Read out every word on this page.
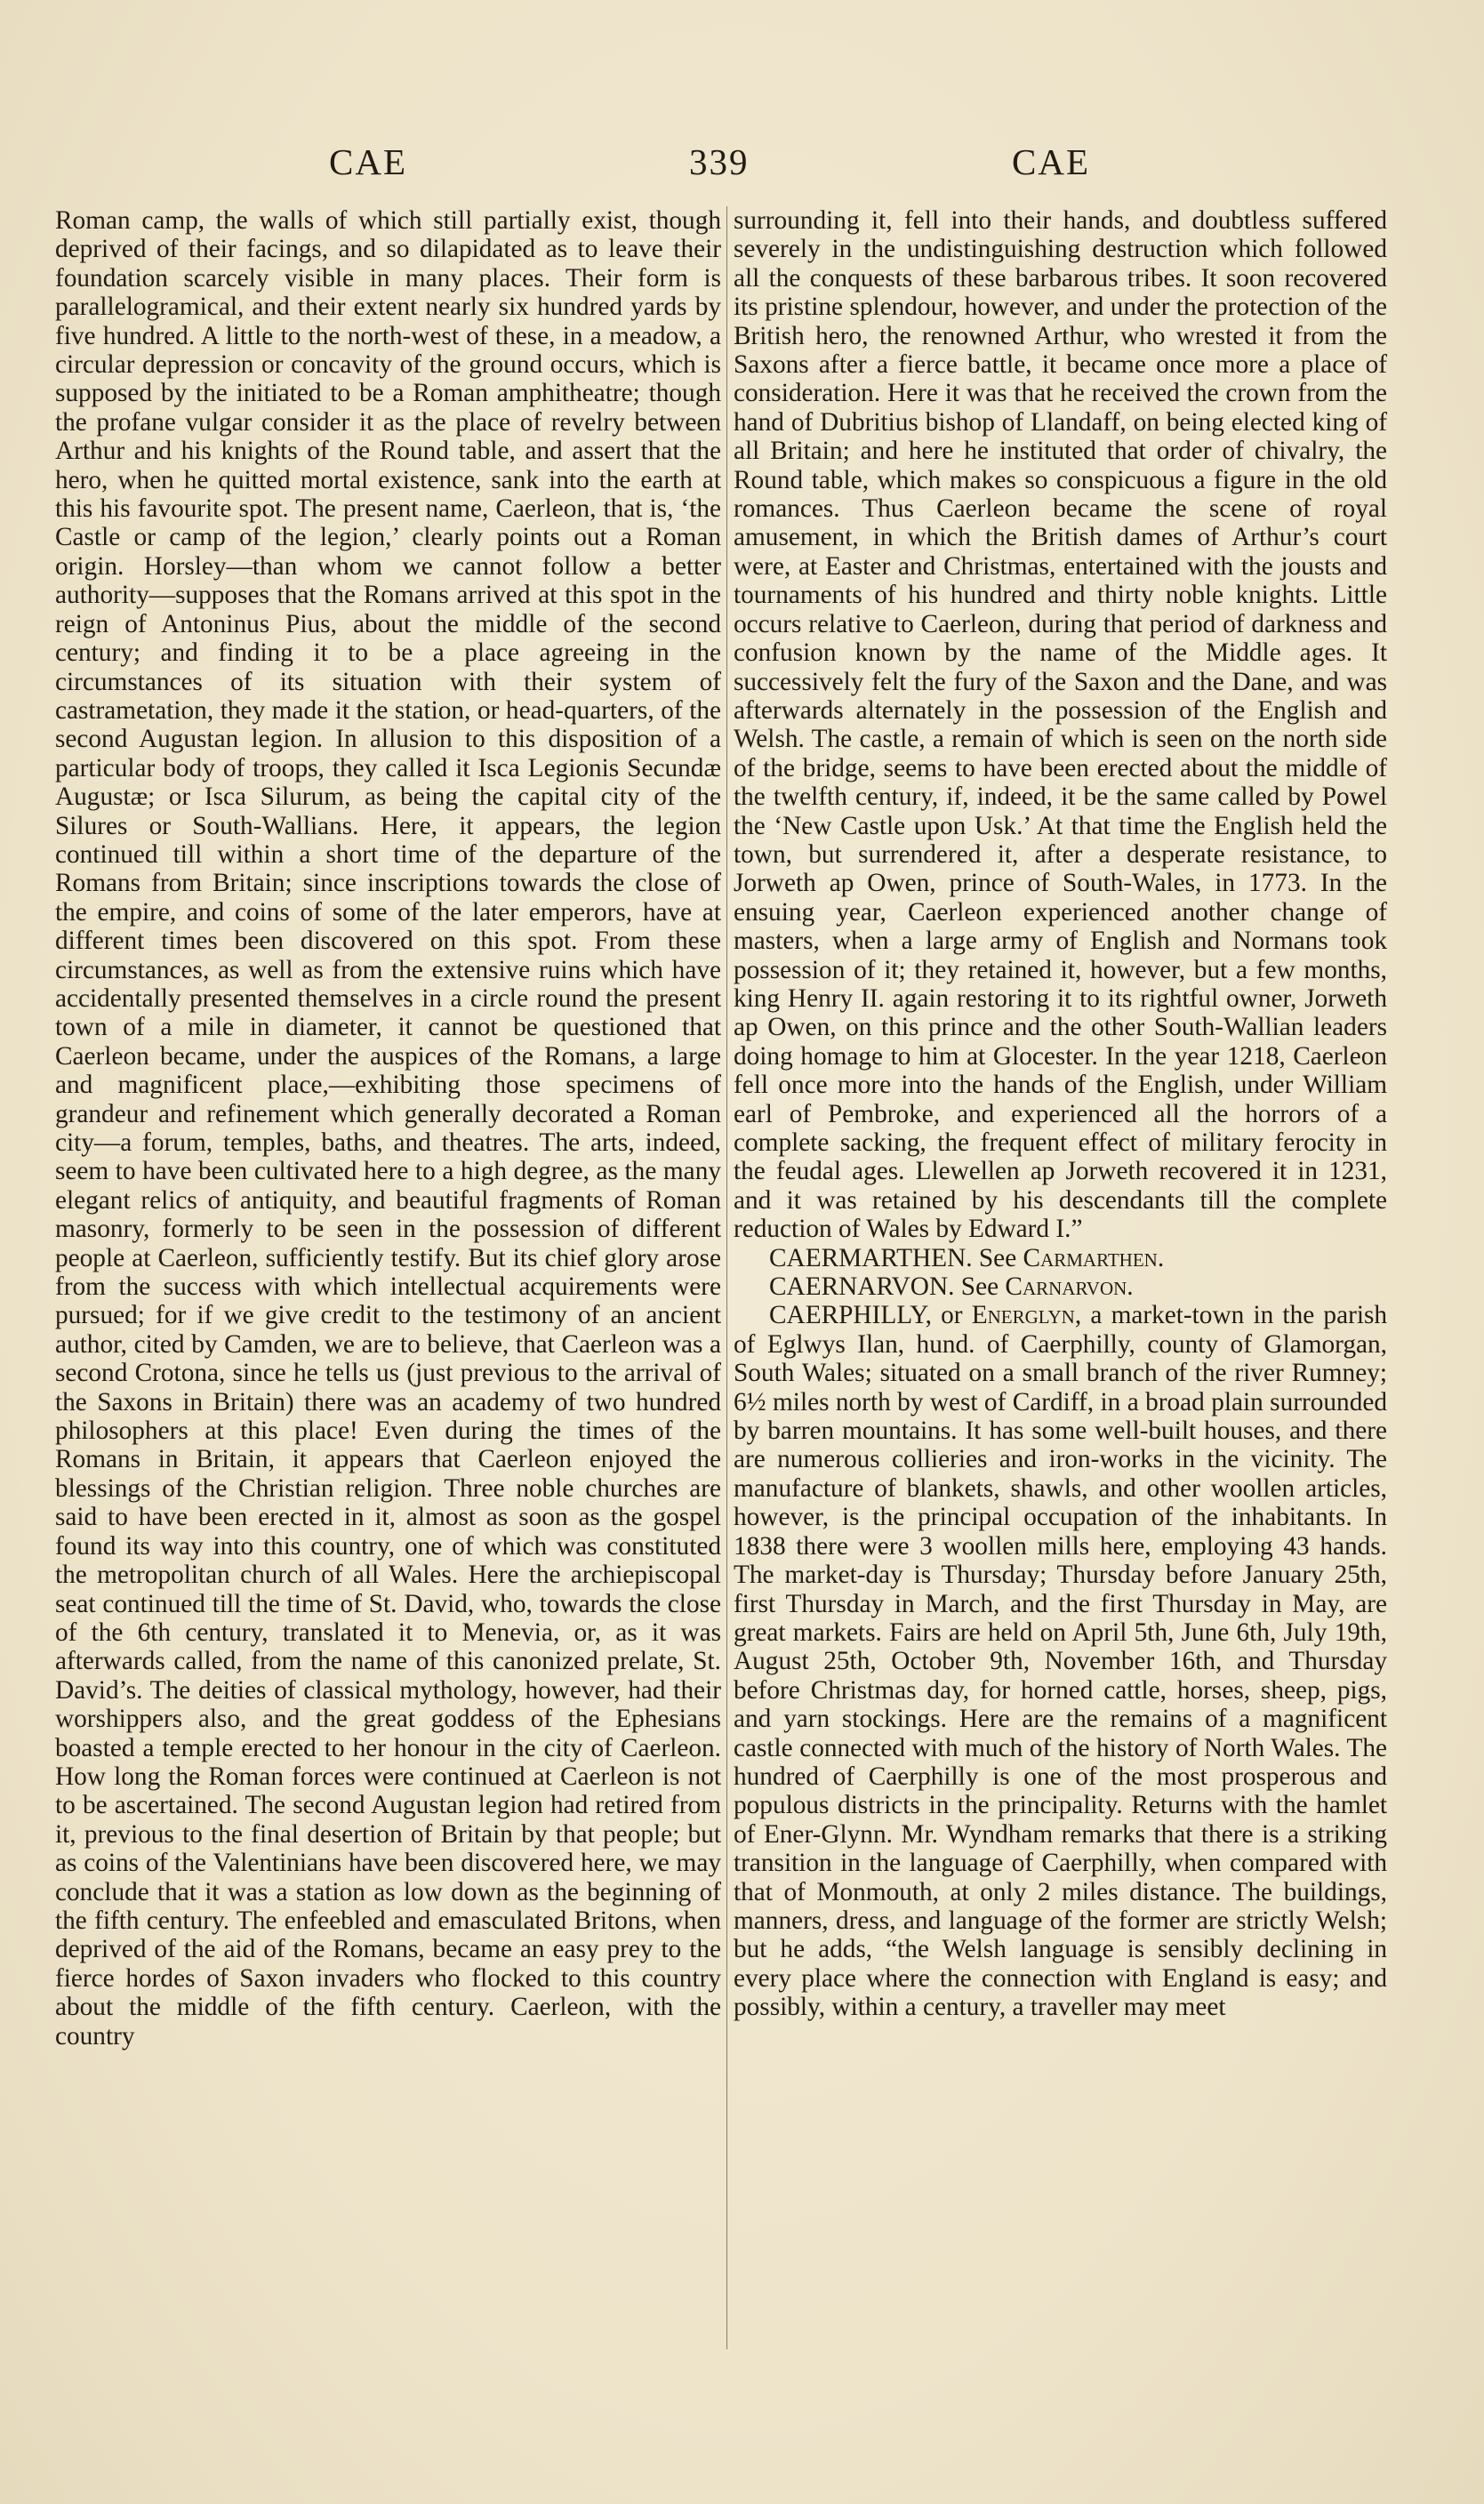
CAE	339	CAE

Roman camp, the walls of which still partially exist, though deprived of their facings, and so dilapidated as to leave their foundation scarcely visible in many places. Their form is parallelogramical, and their extent nearly six hundred yards by five hundred. A little to the north-west of these, in a meadow, a circular depression or concavity of the ground occurs, which is supposed by the initiated to be a Roman amphitheatre; though the profane vulgar consider it as the place of revelry between Arthur and his knights of the Round table, and assert that the hero, when he quitted mortal existence, sank into the earth at this his favourite spot. The present name, Caerleon, that is, ‘the Castle or camp of the legion,’ clearly points out a Roman origin. Horsley—than whom we cannot follow a better authority—supposes that the Romans arrived at this spot in the reign of Antoninus Pius, about the middle of the second century; and finding it to be a place agreeing in the circumstances of its situation with their system of castrametation, they made it the station, or head-quarters, of the second Augustan legion. In allusion to this disposition of a particular body of troops, they called it Isca Legionis Secundæ Augustæ; or Isca Silurum, as being the capital city of the Silures or South-Wallians. Here, it appears, the legion continued till within a short time of the departure of the Romans from Britain; since inscriptions towards the close of the empire, and coins of some of the later emperors, have at different times been discovered on this spot. From these circumstances, as well as from the extensive ruins which have accidentally presented themselves in a circle round the present town of a mile in diameter, it cannot be questioned that Caerleon became, under the auspices of the Romans, a large and magnificent place,—exhibiting those specimens of grandeur and refinement which generally decorated a Roman city—a forum, temples, baths, and theatres. The arts, indeed, seem to have been cultivated here to a high degree, as the many elegant relics of antiquity, and beautiful fragments of Roman masonry, formerly to be seen in the possession of different people at Caerleon, sufficiently testify. But its chief glory arose from the success with which intellectual acquirements were pursued; for if we give credit to the testimony of an ancient author, cited by Camden, we are to believe, that Caerleon was a second Crotona, since he tells us (just previous to the arrival of the Saxons in Britain) there was an academy of two hundred philosophers at this place! Even during the times of the Romans in Britain, it appears that Caerleon enjoyed the blessings of the Christian religion. Three noble churches are said to have been erected in it, almost as soon as the gospel found its way into this country, one of which was constituted the metropolitan church of all Wales. Here the archiepiscopal seat continued till the time of St. David, who, towards the close of the 6th century, translated it to Menevia, or, as it was afterwards called, from the name of this canonized prelate, St. David’s. The deities of classical mythology, however, had their worshippers also, and the great goddess of the Ephesians boasted a temple erected to her honour in the city of Caerleon. How long the Roman forces were continued at Caerleon is not to be ascertained. The second Augustan legion had retired from it, previous to the final desertion of Britain by that people; but as coins of the Valentinians have been discovered here, we may conclude that it was a station as low down as the beginning of the fifth century. The enfeebled and emasculated Britons, when deprived of the aid of the Romans, became an easy prey to the fierce hordes of Saxon invaders who flocked to this country about the middle of the fifth century. Caerleon, with the country

surrounding it, fell into their hands, and doubtless suffered severely in the undistinguishing destruction which followed all the conquests of these barbarous tribes. It soon recovered its pristine splendour, however, and under the protection of the British hero, the renowned Arthur, who wrested it from the Saxons after a fierce battle, it became once more a place of consideration. Here it was that he received the crown from the hand of Dubritius bishop of Llandaff, on being elected king of all Britain; and here he instituted that order of chivalry, the Round table, which makes so conspicuous a figure in the old romances. Thus Caerleon became the scene of royal amusement, in which the British dames of Arthur’s court were, at Easter and Christmas, entertained with the jousts and tournaments of his hundred and thirty noble knights. Little occurs relative to Caerleon, during that period of darkness and confusion known by the name of the Middle ages. It successively felt the fury of the Saxon and the Dane, and was afterwards alternately in the possession of the English and Welsh. The castle, a remain of which is seen on the north side of the bridge, seems to have been erected about the middle of the twelfth century, if, indeed, it be the same called by Powel the ‘New Castle upon Usk.’ At that time the English held the town, but surrendered it, after a desperate resistance, to Jorweth ap Owen, prince of South-Wales, in 1773. In the ensuing year, Caerleon experienced another change of masters, when a large army of English and Normans took possession of it; they retained it, however, but a few months, king Henry II. again restoring it to its rightful owner, Jorweth ap Owen, on this prince and the other South-Wallian leaders doing homage to him at Glocester. In the year 1218, Caerleon fell once more into the hands of the English, under William earl of Pembroke, and experienced all the horrors of a complete sacking, the frequent effect of military ferocity in the feudal ages. Llewellen ap Jorweth recovered it in 1231, and it was retained by his descendants till the complete reduction of Wales by Edward I.”

CAERMARTHEN. See Carmarthen.

CAERNARVON. See Carnarvon.

CAERPHILLY, or Energlyn, a market-town in the parish of Eglwys Ilan, hund. of Caerphilly, county of Glamorgan, South Wales; situated on a small branch of the river Rumney; 6½ miles north by west of Cardiff, in a broad plain surrounded by barren mountains. It has some well-built houses, and there are numerous collieries and iron-works in the vicinity. The manufacture of blankets, shawls, and other woollen articles, however, is the principal occupation of the inhabitants. In 1838 there were 3 woollen mills here, employing 43 hands. The market-day is Thursday; Thursday before January 25th, first Thursday in March, and the first Thursday in May, are great markets. Fairs are held on April 5th, June 6th, July 19th, August 25th, October 9th, November 16th, and Thursday before Christmas day, for horned cattle, horses, sheep, pigs, and yarn stockings. Here are the remains of a magnificent castle connected with much of the history of North Wales. The hundred of Caerphilly is one of the most prosperous and populous districts in the principality. Returns with the hamlet of Ener-Glynn. Mr. Wyndham remarks that there is a striking transition in the language of Caerphilly, when compared with that of Monmouth, at only 2 miles distance. The buildings, manners, dress, and language of the former are strictly Welsh; but he adds, “the Welsh language is sensibly declining in every place where the connection with England is easy; and possibly, within a century, a traveller may meet
